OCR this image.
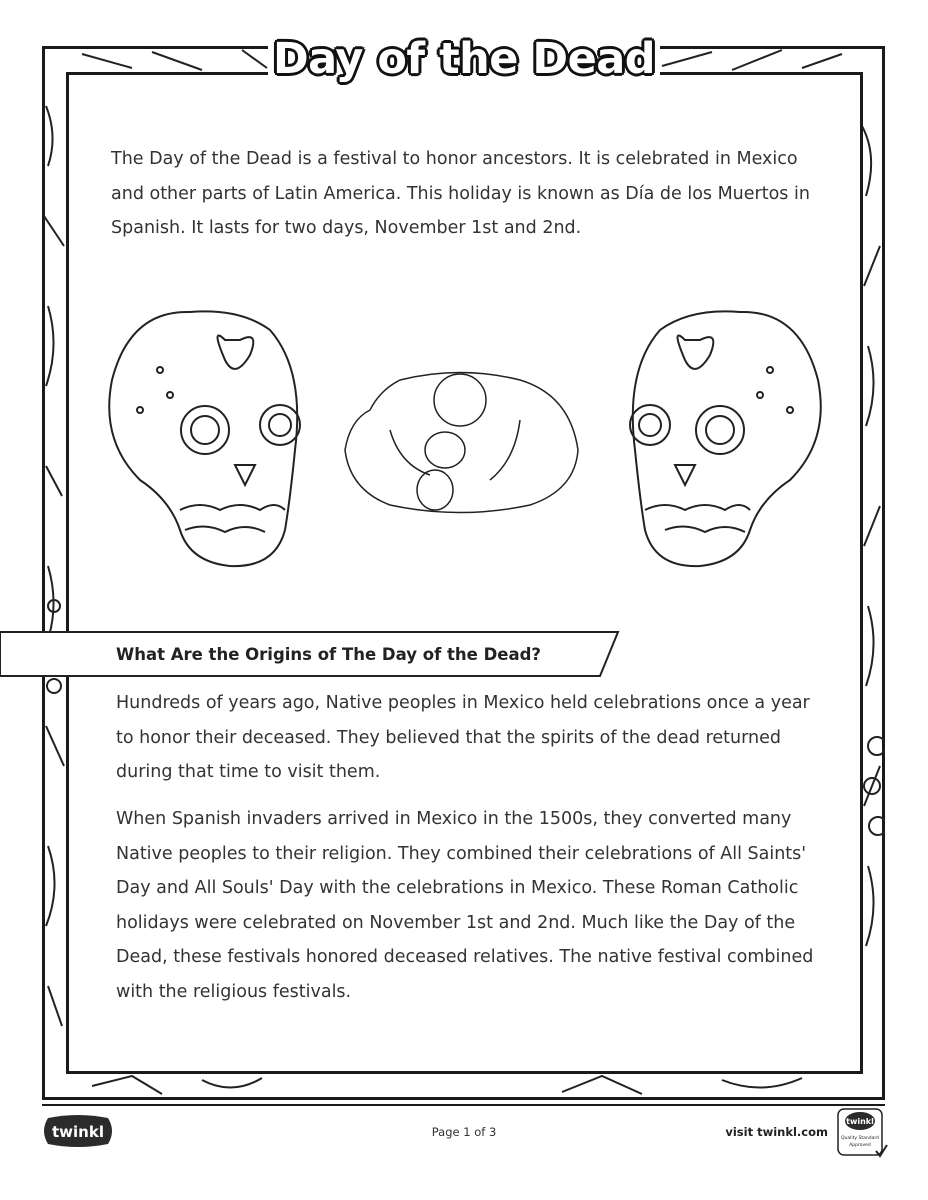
Day of the Dead
The Day of the Dead is a festival to honor ancestors. It is celebrated in Mexico and other parts of Latin America. This holiday is known as Día de los Muertos in Spanish. It lasts for two days, November 1st and 2nd.
What Are the Origins of The Day of the Dead?
Hundreds of years ago, Native peoples in Mexico held celebrations once a year to honor their deceased. They believed that the spirits of the dead returned during that time to visit them.
When Spanish invaders arrived in Mexico in the 1500s, they converted many Native peoples to their religion. They combined their celebrations of All Saints' Day and All Souls' Day with the celebrations in Mexico. These Roman Catholic holidays were celebrated on November 1st and 2nd. Much like the Day of the Dead, these festivals honored deceased relatives. The native festival combined with the religious festivals.
twinkl	Page 1 of 3	visit twinkl.com
twinkl
Quality Standard
Approved
